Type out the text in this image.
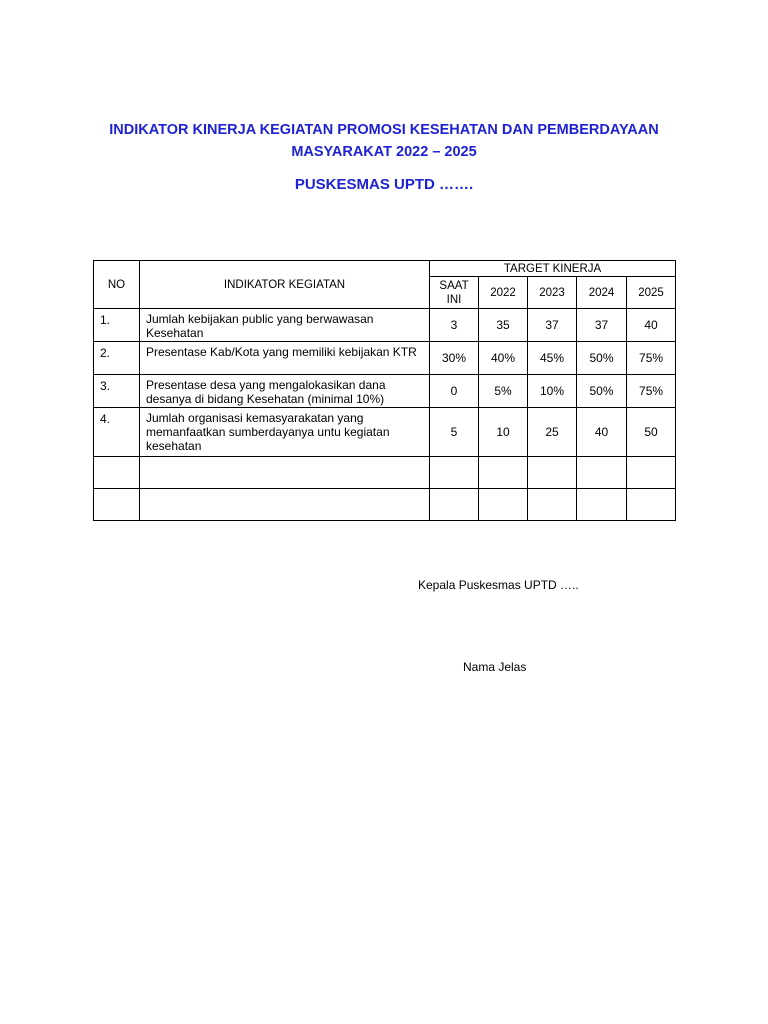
INDIKATOR KINERJA KEGIATAN PROMOSI KESEHATAN DAN PEMBERDAYAAN
MASYARAKAT 2022 – 2025
PUSKESMAS UPTD …….
NO	INDIKATOR KEGIATAN	TARGET KINERJA				
		SAAT INI	2022	2023	2024	2025
1.	Jumlah kebijakan public yang berwawasan Kesehatan	3	35	37	37	40
2.	Presentase Kab/Kota yang memiliki kebijakan KTR	30%	40%	45%	50%	75%
3.	Presentase desa yang mengalokasikan dana desanya di bidang Kesehatan (minimal 10%)	0	5%	10%	50%	75%
4.	Jumlah organisasi kemasyarakatan yang memanfaatkan sumberdayanya untu kegiatan kesehatan	5	10	25	40	50

Kepala Puskesmas UPTD …..
Nama Jelas
